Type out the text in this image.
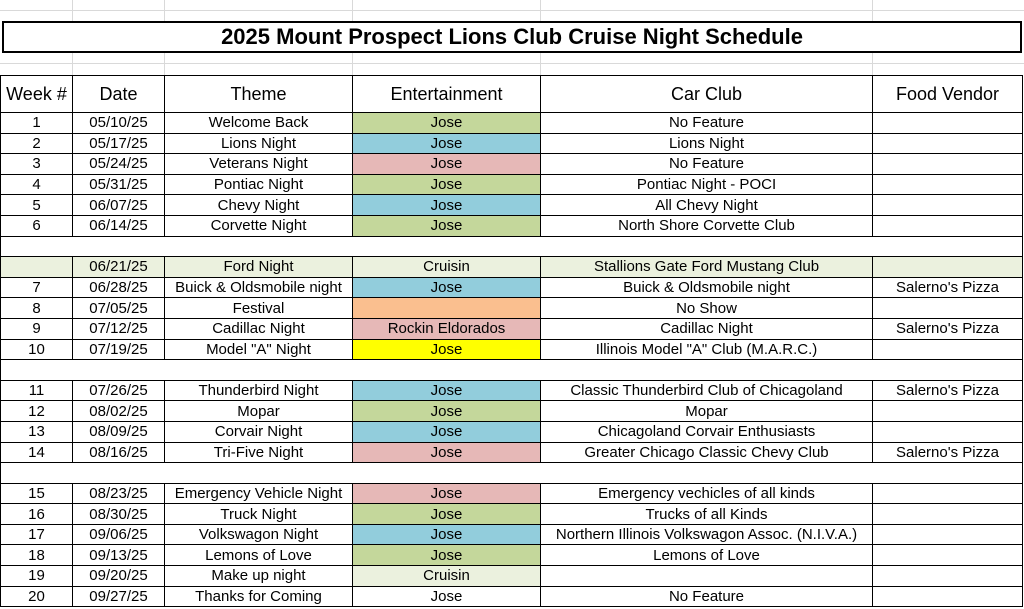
2025 Mount Prospect Lions Club Cruise Night Schedule
Week #	Date	Theme	Entertainment	Car Club	Food Vendor
1	05/10/25	Welcome Back	Jose	No Feature	
2	05/17/25	Lions Night	Jose	Lions Night	
3	05/24/25	Veterans Night	Jose	No Feature	
4	05/31/25	Pontiac Night	Jose	Pontiac Night - POCI	
5	06/07/25	Chevy Night	Jose	All Chevy Night	
6	06/14/25	Corvette Night	Jose	North Shore Corvette Club	

	06/21/25	Ford Night	Cruisin	Stallions Gate Ford Mustang Club	
7	06/28/25	Buick & Oldsmobile night	Jose	Buick & Oldsmobile night	Salerno's Pizza
8	07/05/25	Festival		No Show	
9	07/12/25	Cadillac Night	Rockin Eldorados	Cadillac Night	Salerno's Pizza
10	07/19/25	Model "A" Night	Jose	Illinois Model "A" Club (M.A.R.C.)	

11	07/26/25	Thunderbird Night	Jose	Classic Thunderbird Club of Chicagoland	Salerno's Pizza
12	08/02/25	Mopar	Jose	Mopar	
13	08/09/25	Corvair Night	Jose	Chicagoland Corvair Enthusiasts	
14	08/16/25	Tri-Five Night	Jose	Greater Chicago Classic Chevy Club	Salerno's Pizza

15	08/23/25	Emergency Vehicle Night	Jose	Emergency vechicles of all kinds	
16	08/30/25	Truck Night	Jose	Trucks of all Kinds	
17	09/06/25	Volkswagon Night	Jose	Northern Illinois Volkswagon Assoc. (N.I.V.A.)	
18	09/13/25	Lemons of Love	Jose	Lemons of Love	
19	09/20/25	Make up night	Cruisin		
20	09/27/25	Thanks for Coming	Jose	No Feature	
